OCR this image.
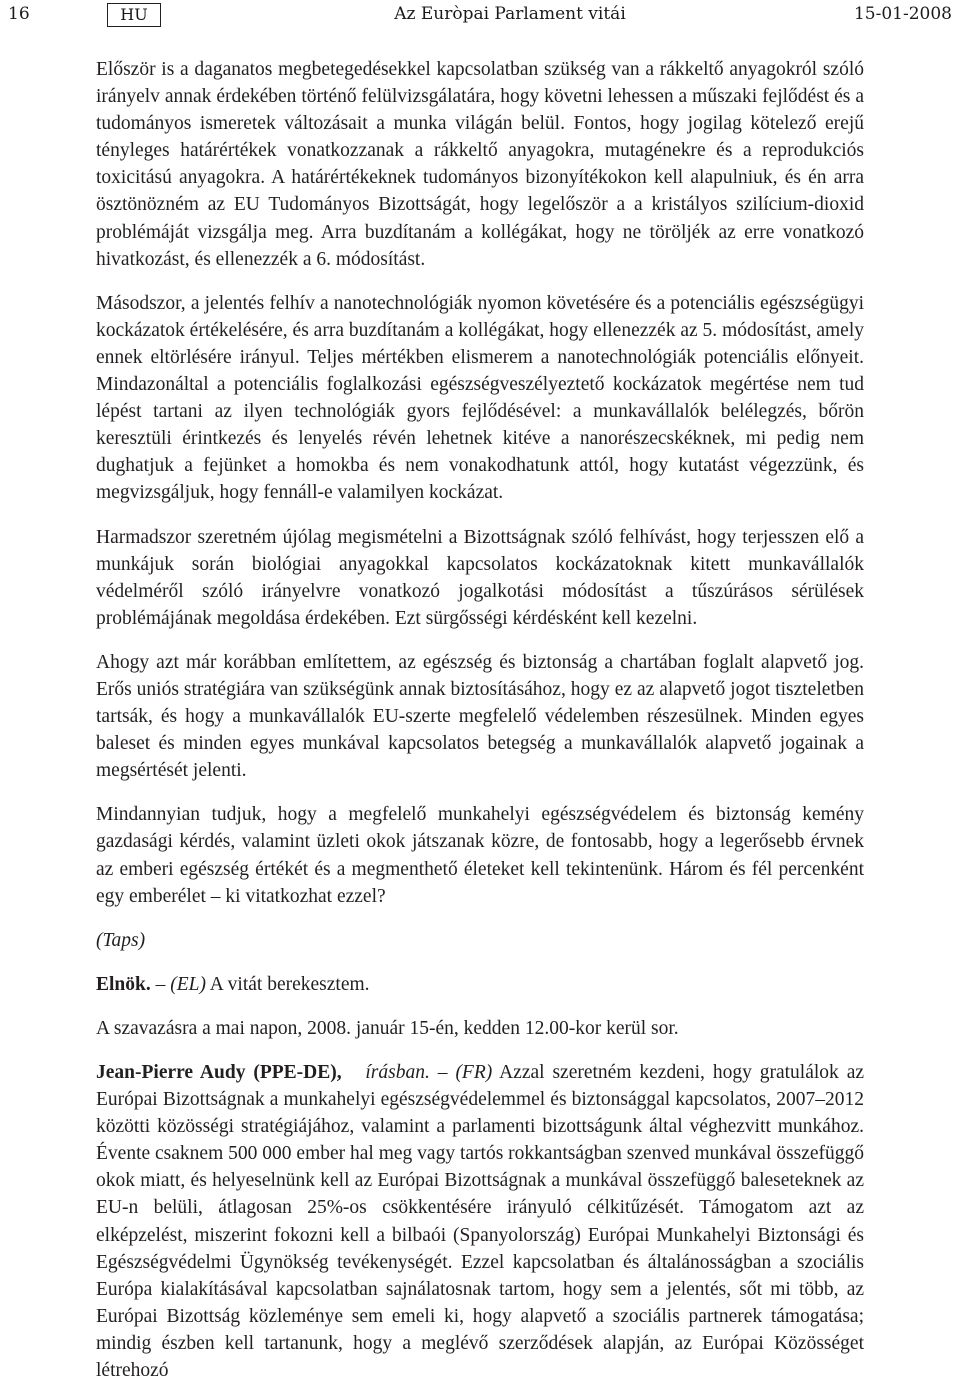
16	HU	Az Euròpai Parlament vitái	15-01-2008

Először is a daganatos megbetegedésekkel kapcsolatban szükség van a rákkeltő anyagokról szóló irányelv annak érdekében történő felülvizsgálatára, hogy követni lehessen a műszaki fejlődést és a tudományos ismeretek változásait a munka világán belül. Fontos, hogy jogilag kötelező erejű tényleges határértékek vonatkozzanak a rákkeltő anyagokra, mutagénekre és a reprodukciós toxicitású anyagokra. A határértékeknek tudományos bizonyítékokon kell alapulniuk, és én arra ösztönözném az EU Tudományos Bizottságát, hogy legelőször a a kristályos szilícium-dioxid problémáját vizsgálja meg. Arra buzdítanám a kollégákat, hogy ne töröljék az erre vonatkozó hivatkozást, és ellenezzék a 6. módosítást.

Másodszor, a jelentés felhív a nanotechnológiák nyomon követésére és a potenciális egészségügyi kockázatok értékelésére, és arra buzdítanám a kollégákat, hogy ellenezzék az 5. módosítást, amely ennek eltörlésére irányul. Teljes mértékben elismerem a nanotechnológiák potenciális előnyeit. Mindazonáltal a potenciális foglalkozási egészségveszélyeztető kockázatok megértése nem tud lépést tartani az ilyen technológiák gyors fejlődésével: a munkavállalók belélegzés, bőrön keresztüli érintkezés és lenyelés révén lehetnek kitéve a nanorészecskéknek, mi pedig nem dughatjuk a fejünket a homokba és nem vonakodhatunk attól, hogy kutatást végezzünk, és megvizsgáljuk, hogy fennáll-e valamilyen kockázat.

Harmadszor szeretném újólag megismételni a Bizottságnak szóló felhívást, hogy terjesszen elő a munkájuk során biológiai anyagokkal kapcsolatos kockázatoknak kitett munkavállalók védelméről szóló irányelvre vonatkozó jogalkotási módosítást a tűszúrásos sérülések problémájának megoldása érdekében. Ezt sürgősségi kérdésként kell kezelni.

Ahogy azt már korábban említettem, az egészség és biztonság a chartában foglalt alapvető jog. Erős uniós stratégiára van szükségünk annak biztosításához, hogy ez az alapvető jogot tiszteletben tartsák, és hogy a munkavállalók EU-szerte megfelelő védelemben részesülnek. Minden egyes baleset és minden egyes munkával kapcsolatos betegség a munkavállalók alapvető jogainak a megsértését jelenti.

Mindannyian tudjuk, hogy a megfelelő munkahelyi egészségvédelem és biztonság kemény gazdasági kérdés, valamint üzleti okok játszanak közre, de fontosabb, hogy a legerősebb érvnek az emberi egészség értékét és a megmenthető életeket kell tekintenünk. Három és fél percenként egy emberélet – ki vitatkozhat ezzel?

(Taps)

Elnök. – (EL) A vitát berekesztem.

A szavazásra a mai napon, 2008. január 15-én, kedden 12.00-kor kerül sor.

Jean-Pierre Audy (PPE-DE), írásban. – (FR) Azzal szeretném kezdeni, hogy gratulálok az Európai Bizottságnak a munkahelyi egészségvédelemmel és biztonsággal kapcsolatos, 2007–2012 közötti közösségi stratégiájához, valamint a parlamenti bizottságunk által véghezvitt munkához. Évente csaknem 500 000 ember hal meg vagy tartós rokkantságban szenved munkával összefüggő okok miatt, és helyeselnünk kell az Európai Bizottságnak a munkával összefüggő baleseteknek az EU-n belüli, átlagosan 25%-os csökkentésére irányuló célkitűzését. Támogatom azt az elképzelést, miszerint fokozni kell a bilbaói (Spanyolország) Európai Munkahelyi Biztonsági és Egészségvédelmi Ügynökség tevékenységét. Ezzel kapcsolatban és általánosságban a szociális Európa kialakításával kapcsolatban sajnálatosnak tartom, hogy sem a jelentés, sőt mi több, az Európai Bizottság közleménye sem emeli ki, hogy alapvető a szociális partnerek támogatása; mindig észben kell tartanunk, hogy a meglévő szerződések alapján, az Európai Közösséget létrehozó
